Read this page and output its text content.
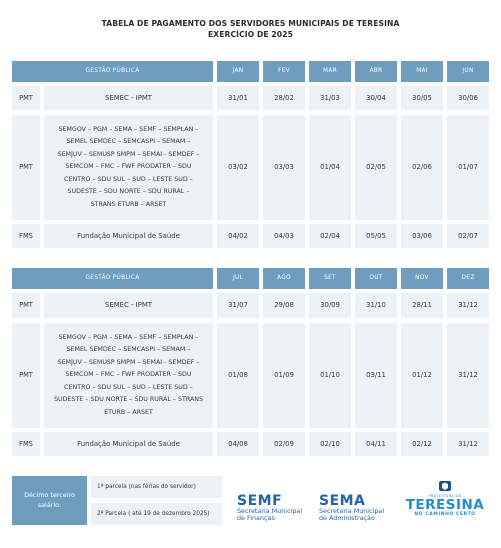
TABELA DE PAGAMENTO DOS SERVIDORES MUNICIPAIS DE TERESINA
EXERCÍCIO DE 2025
GESTÃO PÚBLICA	JAN	FEV	MAR	ABR	MAI	JUN
PMT	SEMEC - IPMT	31/01	28/02	31/03	30/04	30/05	30/06
PMT
SEMGOV – PGM – SEMA – SEMF – SEMPLAN –
SEMEL SEMDEC – SEMCASPI – SEMAM –
SEMJUV – SEMUSP SMPM – SEMAI - SEMDEF –
SEMCOM – FMC – FWF PRODATER – SDU
CENTRO – SDU SUL – SUD – LESTE SUD –
SUDESTE – SDU NORTE – SDU RURAL –
STRANS ETURB – ARSET
03/02	03/03	01/04	02/05	02/06	01/07
FMS	Fundação Municipal de Saúde	04/02	04/03	02/04	05/05	03/06	02/07
GESTÃO PÚBLICA	JUL	AGO	SET	OUT	NOV	DEZ
PMT	SEMEC - IPMT	31/07	29/08	30/09	31/10	28/11	31/12
PMT
SEMGOV – PGM – SEMA – SEMF – SEMPLAN –
SEMEL SEMDEC – SEMCASPI – SEMAM –
SEMJUV – SEMUSP SMPM – SEMAI - SEMDEF –
SEMCOM – FMC – FWF PRODATER – SDU
CENTRO – SDU SUL – SUD – LESTE SUD –
SUDESTE – SDU NORTE – SDU RURAL – STRANS
ETURB – ARSET
01/08	01/09	01/10	03/11	01/12	31/12
FMS	Fundação Municipal de Saúde	04/08	02/09	02/10	04/11	02/12	31/12
Décimo terceiro
salário:
1ª parcela (nas férias do servidor)
2ª Parcela ( até 19 de dezembro 2025)
SEMF
Secretaria Municipal
de Finanças
SEMA
Secretaria Municipal
de Administração
PREFEITURA DE
TERESINA
NO CAMINHO CERTO
